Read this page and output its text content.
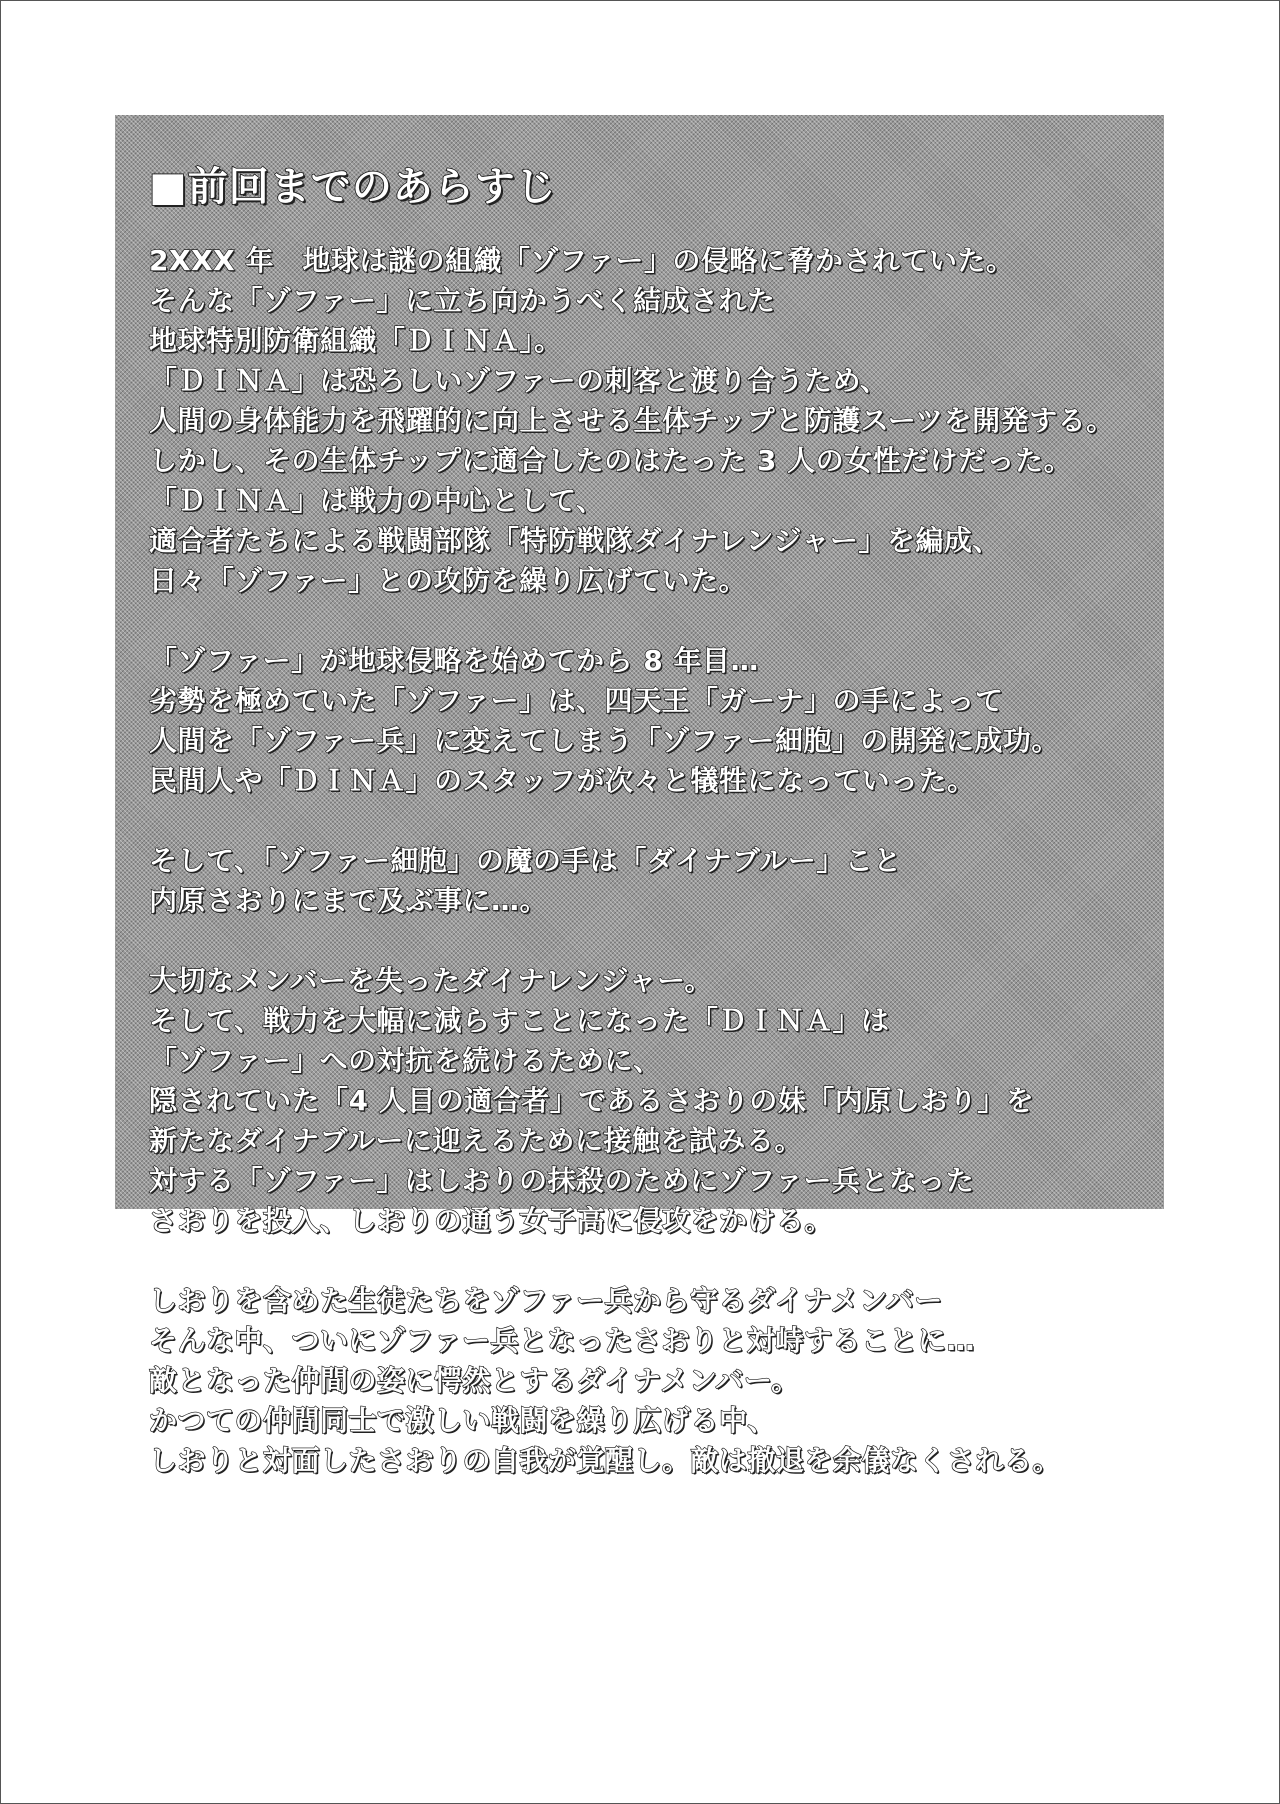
■前回までのあらすじ
2XXX 年　地球は謎の組織「ゾファー」の侵略に脅かされていた。
そんな「ゾファー」に立ち向かうべく結成された
地球特別防衛組織「ＤＩＮＡ」。
「ＤＩＮＡ」は恐ろしいゾファーの刺客と渡り合うため、
人間の身体能力を飛躍的に向上させる生体チップと防護スーツを開発する。
しかし、その生体チップに適合したのはたった 3 人の女性だけだった。
「ＤＩＮＡ」は戦力の中心として、
適合者たちによる戦闘部隊「特防戦隊ダイナレンジャー」を編成、
日々「ゾファー」との攻防を繰り広げていた。
「ゾファー」が地球侵略を始めてから 8 年目…
劣勢を極めていた「ゾファー」は、四天王「ガーナ」の手によって
人間を「ゾファー兵」に変えてしまう「ゾファー細胞」の開発に成功。
民間人や「ＤＩＮＡ」のスタッフが次々と犠牲になっていった。
そして、「ゾファー細胞」の魔の手は「ダイナブルー」こと
内原さおりにまで及ぶ事に…。
大切なメンバーを失ったダイナレンジャー。
そして、戦力を大幅に減らすことになった「ＤＩＮＡ」は
「ゾファー」への対抗を続けるために、
隠されていた「4 人目の適合者」であるさおりの妹「内原しおり」を
新たなダイナブルーに迎えるために接触を試みる。
対する「ゾファー」はしおりの抹殺のためにゾファー兵となった
さおりを投入、しおりの通う女子高に侵攻をかける。
しおりを含めた生徒たちをゾファー兵から守るダイナメンバー
そんな中、ついにゾファー兵となったさおりと対峙することに…
敵となった仲間の姿に愕然とするダイナメンバー。
かつての仲間同士で激しい戦闘を繰り広げる中、
しおりと対面したさおりの自我が覚醒し。敵は撤退を余儀なくされる。
